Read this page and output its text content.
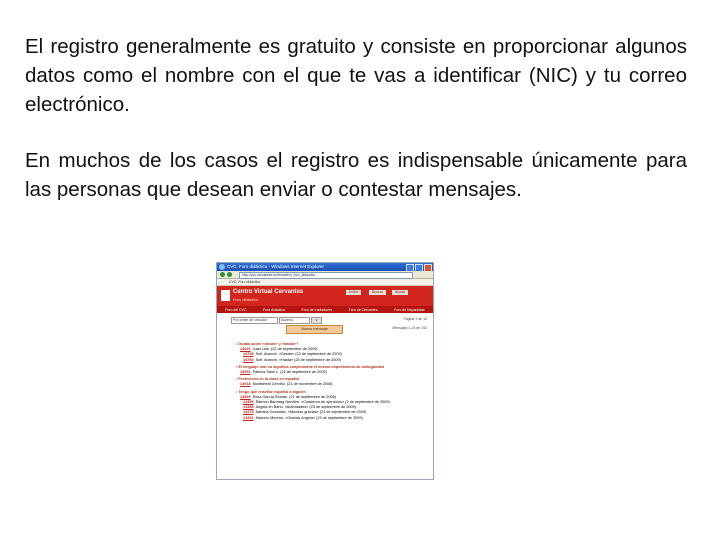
El registro generalmente es gratuito y consiste en proporcionar algunos datos como el nombre con el que te vas a identificar (NIC) y tu correo electrónico.

En muchos de los casos el registro es indispensable únicamente para las personas que desean enviar o contestar mensajes.

CVC. Foro didáctico - Windows Internet Explorer
http://cvc.cervantes.es/foros/frm_foro_didactico
CVC. Foro didáctico
Centro Virtual Cervantes
Foro didáctico
Índice	Buscar	Ayuda
Foro del CVC	Foro didáctico	Foro de traductores	Foro de Cervantes	Foro de hispanistas
Por orden de creación	Ascend.	Ir	Página 1 de 14
Nuevo mensaje	Mensajes 1-15 de 192
• Dudas sobre «desde» y «hasta»?
14620 Juan Luis. (22 de septiembre de 2009)
14708 Sofi. Aranchi. «Desde» (22 de septiembre de 2009)
14750 Sofi. Aranchi. «Hasta» (23 de septiembre de 2009)
• El lenguaje oral no significa simplemente el mismo impedimento de ambigüedad
14651 Patricia Sanz L. (22 de septiembre de 2009)
• Profesores en la clase en español
13918 Montserrat Cerviño. (21 de noviembre de 2008)
• Tengo que enseñar español a alguien
13899 Rosa García Román. (21 de septiembre de 2008)
14356 Raimon Barmarg Nerviles. «Cuaderno de ejercicios» (2 de septiembre de 2009)
14358 Angela en Barlo. «Actividades» (23 de septiembre de 2009)
14375 Adriana Gonzalez. «Muchas gracias» (23 de septiembre de 2009)
14392 Marcelo Moreno. «Gracias Angela» (23 de septiembre de 2009)
